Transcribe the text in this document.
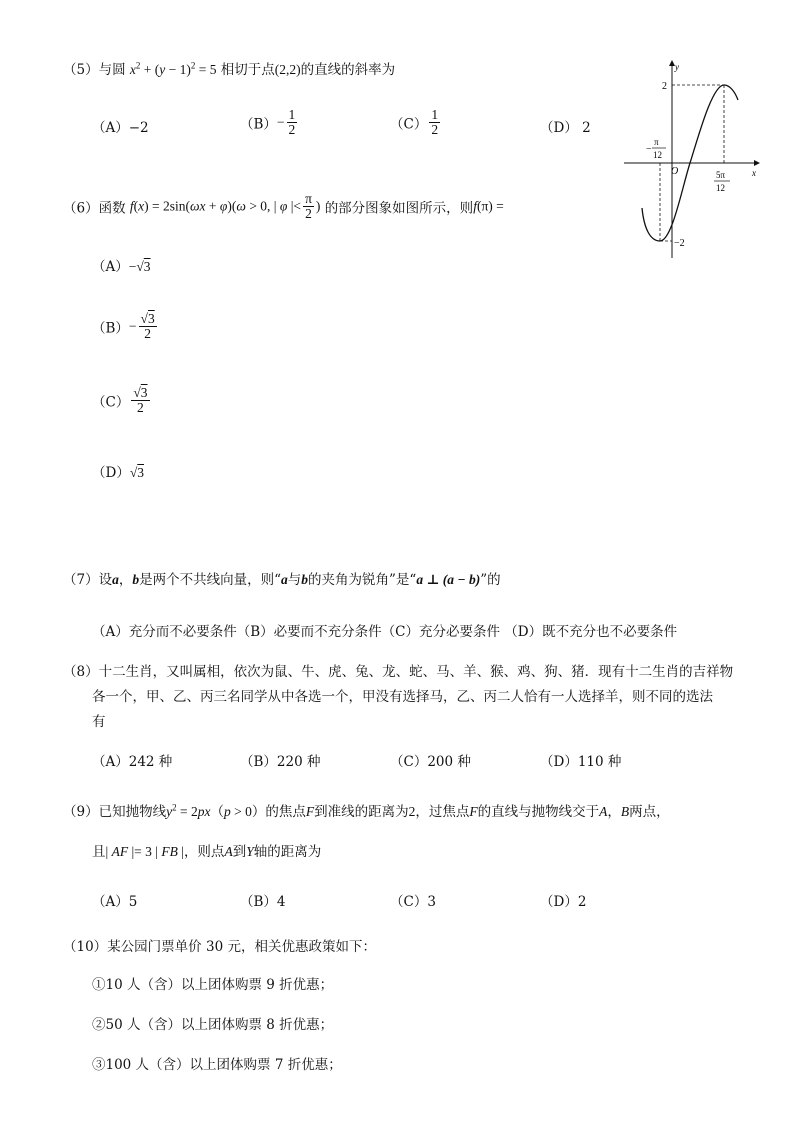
（5）与圆 $x^2 + (y - 1)^2 = 5$ 相切于点(2,2)的直线的斜率为
（A）−2	$(B)- \frac{1}{2}$	$(C) \frac{1}{2}$	（D） 2
y
x
O
2
−2
−
π
12
5π
12
（6）函数 f(x) = 2sin(ωx + φ)(ω > 0, | φ |< $\frac{\pi}{2}$ ) 的部分图象如图所示，则f(π) =
（A）−√3
$(B)- \frac{√3}{2}$
$(C) \frac{√3}{2}$
（D）√3
（7）设a，b是两个不共线向量，则“a与b的夹角为锐角”是“a ⊥ (a − b)”的
（A）充分而不必要条件（B）必要而不充分条件（C）充分必要条件 （D）既不充分也不必要条件
（8）十二生肖，又叫属相，依次为鼠、牛、虎、兔、龙、蛇、马、羊、猴、鸡、狗、猪．现有十二生肖的吉祥物
各一个，甲、乙、丙三名同学从中各选一个，甲没有选择马，乙、丙二人恰有一人选择羊，则不同的选法
有
（A）242 种	（B）220 种	（C）200 种	（D）110 种
（9）已知抛物线$y^2 = 2px(p > 0)$的焦点F到准线的距离为2，过焦点F的直线与抛物线交于A，B两点，
且| AF |= 3 | FB |，则点A到Y轴的距离为
（A）5	（B）4	（C）3	（D）2
（10）某公园门票单价 30 元，相关优惠政策如下：
①10 人（含）以上团体购票 9 折优惠；
②50 人（含）以上团体购票 8 折优惠；
③100 人（含）以上团体购票 7 折优惠；
